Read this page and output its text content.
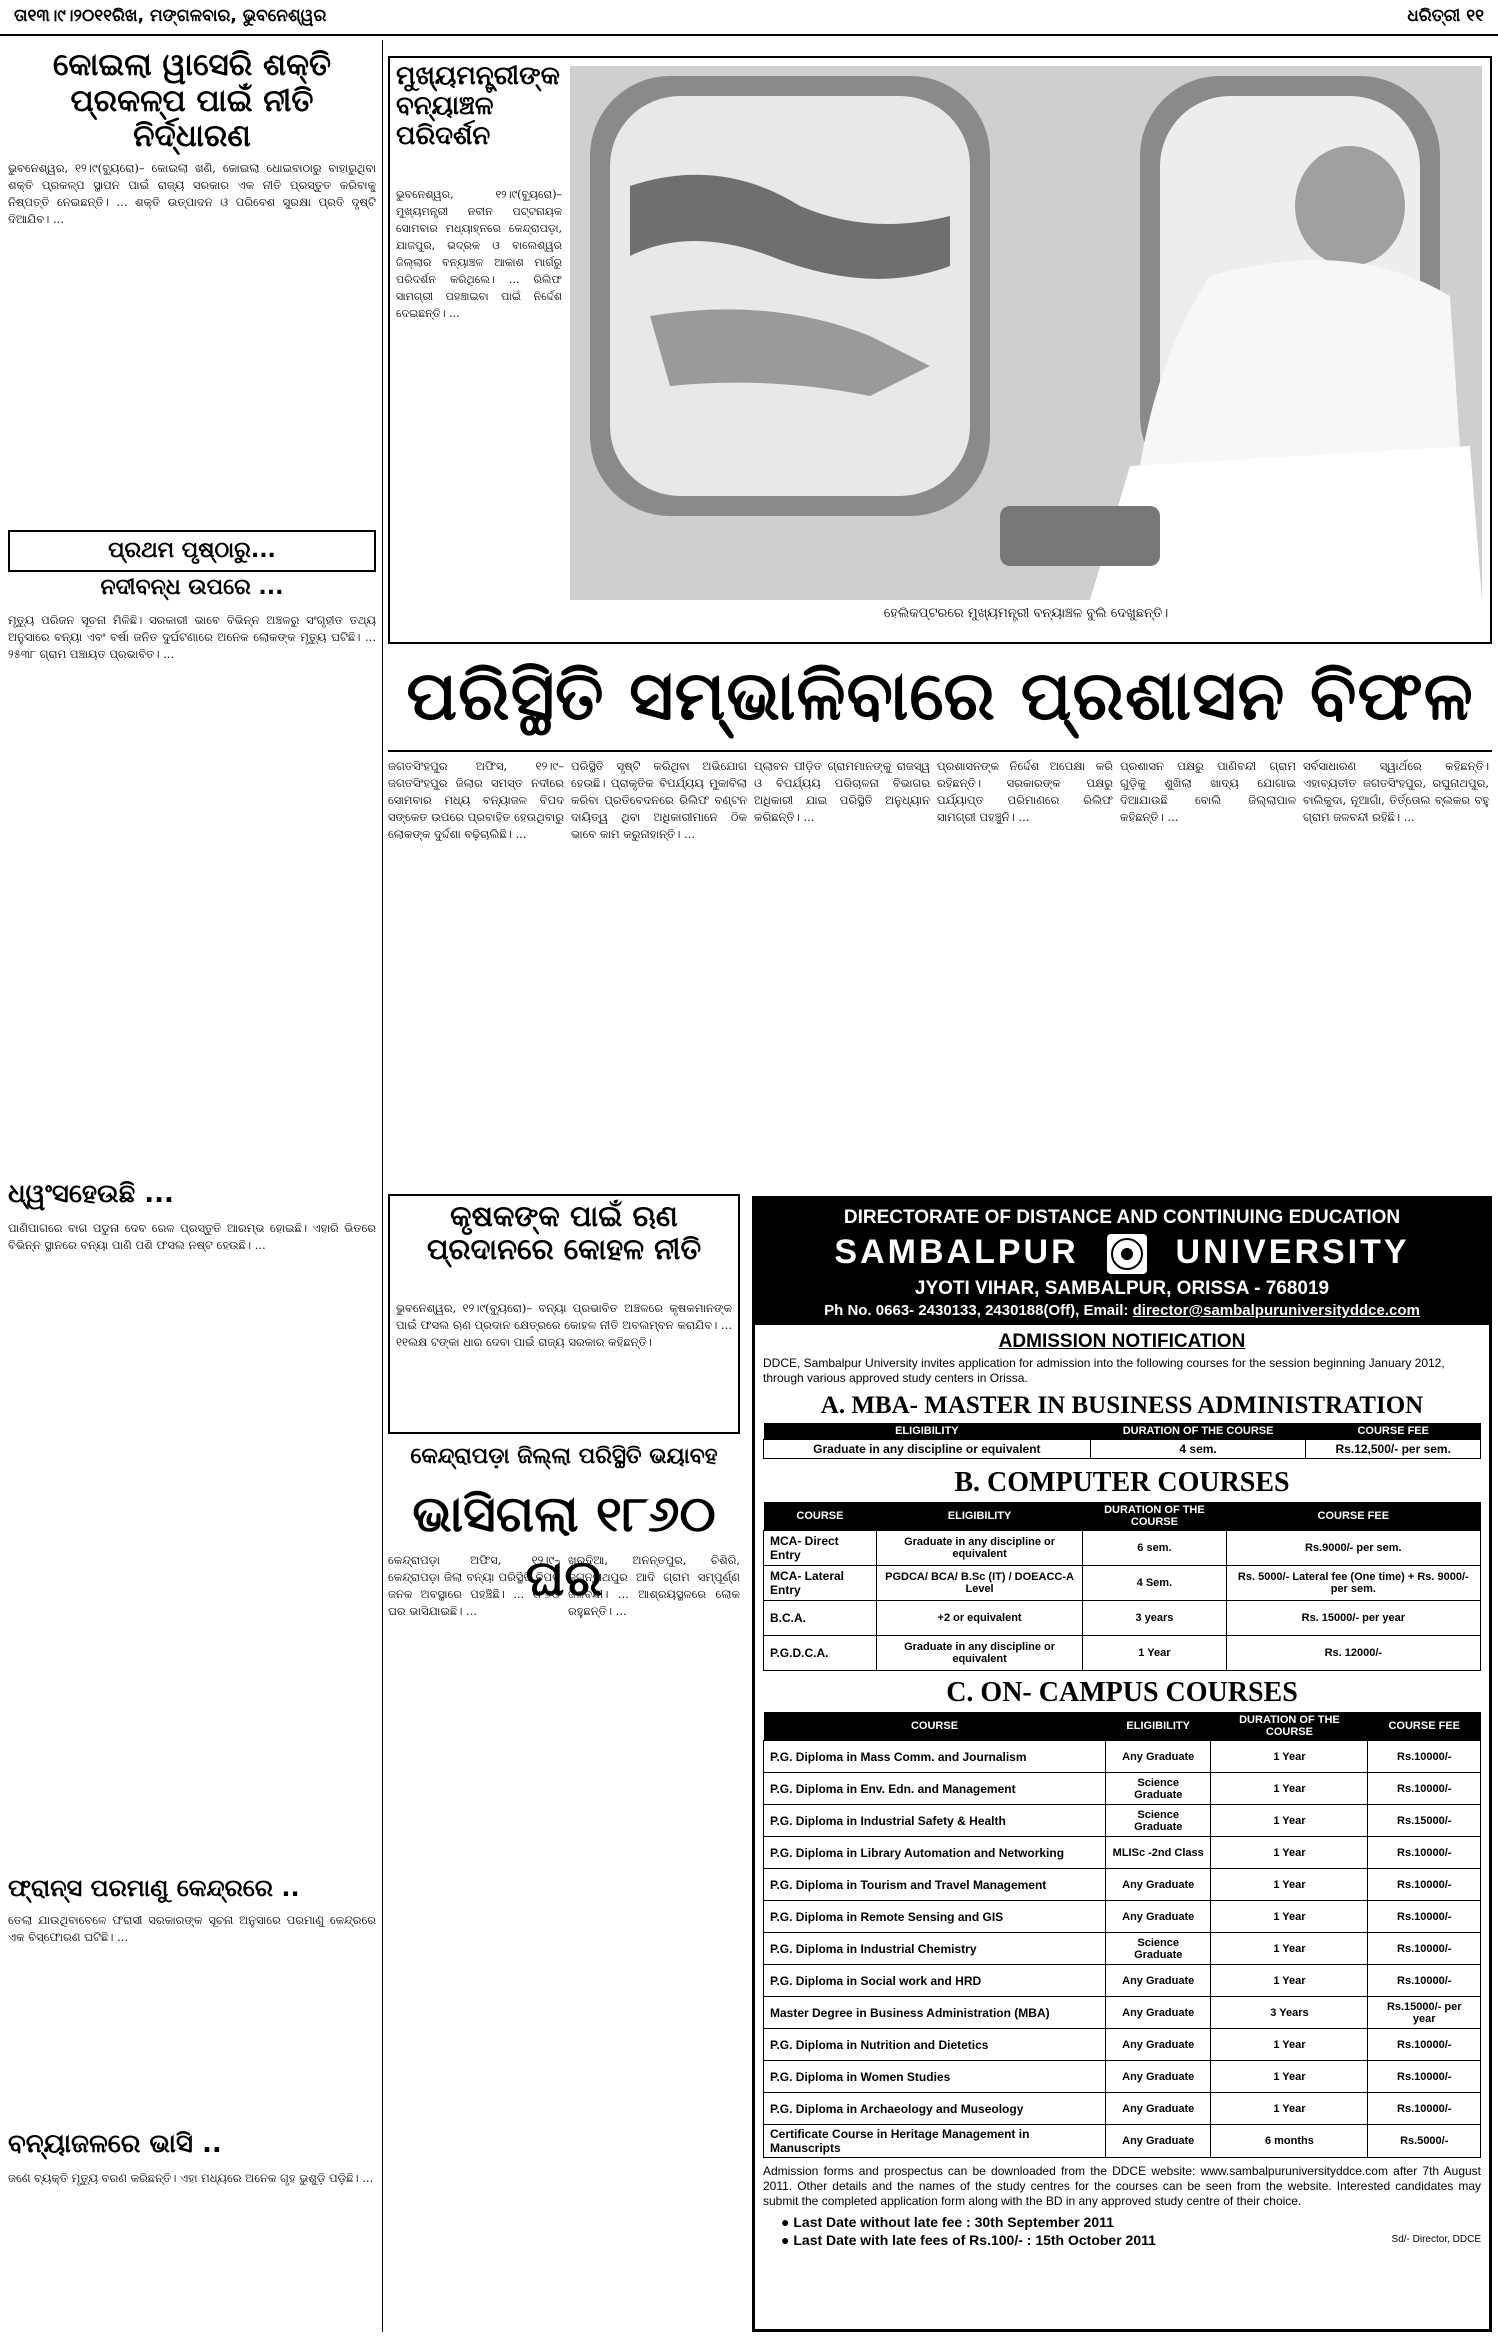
ତା୧୩।୯।୨୦୧୧ରିଖ, ମଙ୍ଗଳବାର, ଭୁବନେଶ୍ୱର	ଧରିତ୍ରୀ ୧୧
କୋଇଲା ୱାସେରି ଶକ୍ତି ପ୍ରକଳ୍ପ ପାଇଁ ନୀତି ନିର୍ଦ୍ଧାରଣ
ଭୁବନେଶ୍ୱର, ୧୨।୯(ବ୍ୟୁରୋ)– କୋଇଲା ଖଣି, କୋଇଲା ଧୋଇବାଠାରୁ ବାହାରୁଥିବା ଶକ୍ତି ପ୍ରକଳ୍ପ ସ୍ଥାପନ ପାଇଁ ରାଜ୍ୟ ସରକାର ଏକ ନୀତି ପ୍ରସ୍ତୁତ କରିବାକୁ ନିଷ୍ପତ୍ତି ନେଇଛନ୍ତି। ... ଶକ୍ତି ଉତ୍ପାଦନ ଓ ପରିବେଶ ସୁରକ୍ଷା ପ୍ରତି ଦୃଷ୍ଟି ଦିଆଯିବ। ...
ପ୍ରଥମ ପୃଷ୍ଠାରୁ...
ନଦୀବନ୍ଧ ଉପରେ ...
ମୃତ୍ୟୁ ପରିଜନ ସୂଚନା ମିଳିଛି। ସରକାରୀ ଭାବେ ବିଭିନ୍ନ ଅଞ୍ଚଳରୁ ସଂଗୃହୀତ ତଥ୍ୟ ଅନୁସାରେ ବନ୍ୟା ଏବଂ ବର୍ଷା ଜନିତ ଦୁର୍ଘଟଣାରେ ଅନେକ ଲୋକଙ୍କ ମୃତ୍ୟୁ ଘଟିଛି। ... ୨୫୩୮ ଗ୍ରାମ ପଞ୍ଚାୟତ ପ୍ରଭାବିତ। ...
ଧ୍ୱଂସହେଉଛି ...
ପାଣିପାଗରେ ବାଗ ପଡୁନା ଦେବ ରେଳ ପ୍ରସ୍ତୁତି ଆରମ୍ଭ ହୋଇଛି। ଏହାରି ଭିତରେ ବିଭିନ୍ନ ସ୍ଥାନରେ ବନ୍ୟା ପାଣି ପଶି ଫସଲ ନଷ୍ଟ ହେଉଛି। ...
ଫ୍ରାନ୍ସ ପରମାଣୁ କେନ୍ଦ୍ରରେ ..
ତେଲା ଯାଉଥିବାବେଳେ ଫରାସୀ ସରକାରଙ୍କ ସୂଚନା ଅନୁସାରେ ପରମାଣୁ କେନ୍ଦ୍ରରେ ଏକ ବିସ୍ଫୋରଣ ଘଟିଛି। ...
ବନ୍ୟାଜଳରେ ଭାସି ..
ଜଣେ ବ୍ୟକ୍ତି ମୃତ୍ୟୁ ବରଣ କରିଛନ୍ତି। ଏହା ମଧ୍ୟରେ ଅନେକ ଗୃହ ଭୁଶୁଡ଼ି ପଡ଼ିଛି। ...
ମୁଖ୍ୟମନ୍ତ୍ରୀଙ୍କ ବନ୍ୟାଞ୍ଚଳ ପରିଦର୍ଶନ
ଭୁବନେଶ୍ୱର, ୧୨।୯(ବ୍ୟୁରୋ)– ମୁଖ୍ୟମନ୍ତ୍ରୀ ନବୀନ ପଟ୍ଟନାୟକ ସୋମବାର ମଧ୍ୟାହ୍ନରେ କେନ୍ଦ୍ରାପଡ଼ା, ଯାଜପୁର, ଭଦ୍ରକ ଓ ବାଲେଶ୍ୱର ଜିଲ୍ଲାର ବନ୍ୟାଞ୍ଚଳ ଆକାଶ ମାର୍ଗରୁ ପରିଦର୍ଶନ କରିଥିଲେ। ... ରିଲିଫ ସାମଗ୍ରୀ ପହଞ୍ଚାଇବା ପାଇଁ ନିର୍ଦ୍ଦେଶ ଦେଇଛନ୍ତି। ...
ହେଲିକପ୍ଟରରେ ମୁଖ୍ୟମନ୍ତ୍ରୀ ବନ୍ୟାଞ୍ଚଳ ବୁଲି ଦେଖୁଛନ୍ତି।
ପରିସ୍ଥିତି ସମ୍ଭାଳିବାରେ ପ୍ରଶାସନ ବିଫଳ
ଜଗତସିଂହପୁର ଅଫିସ, ୧୨।୯– ଜଗତସିଂହପୁର ଜିଲାର ସମସ୍ତ ନଦୀରେ ସୋମବାର ମଧ୍ୟ ବନ୍ୟାଜଳ ବିପଦ ସଙ୍କେତ ଉପରେ ପ୍ରବାହିତ ହେଉଥିବାରୁ ଲୋକଙ୍କ ଦୁର୍ଦ୍ଦଶା ବଢ଼ିଚାଲିଛି। ...
ପରିସ୍ଥିତି ସୃଷ୍ଟି କରିଥିବା ଅଭିଯୋଗ ହେଉଛି। ପ୍ରାକୃତିକ ବିପର୍ଯ୍ୟୟ ମୁକାବିଲା କରିବା ପ୍ରତିବେଦନରେ ରିଲିଫ ବଣ୍ଟନ ଦାୟିତ୍ୱ ଥିବା ଅଧିକାରୀମାନେ ଠିକ ଭାବେ କାମ କରୁନାହାନ୍ତି। ...
ପ୍ଲାବନ ପୀଡ଼ିତ ଗ୍ରାମମାନଙ୍କୁ ରାଜସ୍ୱ ଓ ବିପର୍ଯ୍ୟୟ ପରିଚାଳନା ବିଭାଗର ଅଧିକାରୀ ଯାଇ ପରିସ୍ଥିତି ଅନୁଧ୍ୟାନ କରିଛନ୍ତି। ...
ପ୍ରଶାସନଙ୍କ ନିର୍ଦ୍ଦେଶ ଅପେକ୍ଷା କରି ରହିଛନ୍ତି। ସରକାରଙ୍କ ପକ୍ଷରୁ ପର୍ଯ୍ୟାପ୍ତ ପରିମାଣରେ ରିଲିଫ ସାମଗ୍ରୀ ପହଞ୍ଚୁନି। ...
ପ୍ରଶାସନ ପକ୍ଷରୁ ପାଣିବନ୍ଦୀ ଗ୍ରାମ ଗୁଡ଼ିକୁ ଶୁଖିଲା ଖାଦ୍ୟ ଯୋଗାଇ ଦିଆଯାଉଛି ବୋଲି ଜିଲ୍ଲାପାଳ କହିଛନ୍ତି। ...
ସର୍ବସାଧାରଣ ସ୍ୱାର୍ଥରେ କହିଛନ୍ତି। ଏହାବ୍ୟତୀତ ଜଗତସିଂହପୁର, ରଘୁନାଥପୁର, ବାଲିକୁଦା, ନୂଆଗାଁ, ତିର୍ତ୍ତୋଲ ବ୍ଲକର ବହୁ ଗ୍ରାମ ଜଳବନ୍ଦୀ ରହିଛି। ...
କୃଷକଙ୍କ ପାଇଁ ଋଣ ପ୍ରଦାନରେ କୋହଳ ନୀତି
ଭୁବନେଶ୍ୱର, ୧୨।୯(ବ୍ୟୁରୋ)– ବନ୍ୟା ପ୍ରଭାବିତ ଅଞ୍ଚଳରେ କୃଷକମାନଙ୍କ ପାଇଁ ଫସଲ ଋଣ ପ୍ରଦାନ କ୍ଷେତ୍ରରେ କୋହଳ ନୀତି ଅବଲମ୍ବନ କରାଯିବ। ... ୧୧ଲକ୍ଷ ଟଙ୍କା ଧାର ଦେବା ପାଇଁ ରାଜ୍ୟ ସରକାର କହିଛନ୍ତି।
କେନ୍ଦ୍ରାପଡ଼ା ଜିଲ୍ଲା ପରିସ୍ଥିତି ଭୟାବହ
ଭାସିଗଲା ୧୮୬୦ ଘର
କେନ୍ଦ୍ରାପଡ଼ା ଅଫିସ, ୧୨।୯– କେନ୍ଦ୍ରାପଡ଼ା ଜିଲା ବନ୍ୟା ପରିସ୍ଥିତି ବିପଦ ଜନକ ଅବସ୍ଥାରେ ପହଞ୍ଚିଛି। ... ୧୮୬୦ ଘର ଭାସିଯାଇଛି। ...
ଖୁରୁଦିଆ, ଅନନ୍ତପୁର, ଚିଶିରି, ଜଗନ୍ନାଥପୁର ଆଦି ଗ୍ରାମ ସମ୍ପୂର୍ଣ୍ଣ ଜଳବନ୍ଦୀ। ... ଆଶ୍ରୟସ୍ଥଳରେ ଲୋକ ରହୁଛନ୍ତି। ...
DIRECTORATE OF DISTANCE AND CONTINUING EDUCATION
SAMBALPUR	UNIVERSITY
JYOTI VIHAR, SAMBALPUR, ORISSA - 768019
Ph No. 0663- 2430133, 2430188(Off), Email: director@sambalpuruniversityddce.com
ADMISSION NOTIFICATION
DDCE, Sambalpur University invites application for admission into the following courses for the session beginning January 2012, through various approved study centers in Orissa.
A. MBA- MASTER IN BUSINESS ADMINISTRATION
ELIGIBILITY	DURATION OF THE COURSE	COURSE FEE
Graduate in any discipline or equivalent	4 sem.	Rs.12,500/- per sem.
B. COMPUTER COURSES
COURSE	ELIGIBILITY	DURATION OF THE COURSE	COURSE FEE
MCA- Direct Entry	Graduate in any discipline or equivalent	6 sem.	Rs.9000/- per sem.
MCA- Lateral Entry	PGDCA/ BCA/ B.Sc (IT) / DOEACC-A Level	4 Sem.	Rs. 5000/- Lateral fee (One time) + Rs. 9000/- per sem.
B.C.A.	+2 or equivalent	3 years	Rs. 15000/- per year
P.G.D.C.A.	Graduate in any discipline or equivalent	1 Year	Rs. 12000/-
C. ON- CAMPUS COURSES
COURSE	ELIGIBILITY	DURATION OF THE COURSE	COURSE FEE
P.G. Diploma in Mass Comm. and Journalism	Any Graduate	1 Year	Rs.10000/-
P.G. Diploma in Env. Edn. and Management	Science Graduate	1 Year	Rs.10000/-
P.G. Diploma in Industrial Safety & Health	Science Graduate	1 Year	Rs.15000/-
P.G. Diploma in Library Automation and Networking	MLISc -2nd Class	1 Year	Rs.10000/-
P.G. Diploma in Tourism and Travel Management	Any Graduate	1 Year	Rs.10000/-
P.G. Diploma in Remote Sensing and GIS	Any Graduate	1 Year	Rs.10000/-
P.G. Diploma in Industrial Chemistry	Science Graduate	1 Year	Rs.10000/-
P.G. Diploma in Social work and HRD	Any Graduate	1 Year	Rs.10000/-
Master Degree in Business Administration (MBA)	Any Graduate	3 Years	Rs.15000/- per year
P.G. Diploma in Nutrition and Dietetics	Any Graduate	1 Year	Rs.10000/-
P.G. Diploma in Women Studies	Any Graduate	1 Year	Rs.10000/-
P.G. Diploma in Archaeology and Museology	Any Graduate	1 Year	Rs.10000/-
Certificate Course in Heritage Management in Manuscripts	Any Graduate	6 months	Rs.5000/-
Admission forms and prospectus can be downloaded from the DDCE website: www.sambalpuruniversityddce.com after 7th August 2011. Other details and the names of the study centres for the courses can be seen from the website. Interested candidates may submit the completed application form along with the BD in any approved study centre of their choice.
● Last Date without late fee : 30th September 2011
● Last Date with late fees of Rs.100/- : 15th October 2011	Sd/- Director, DDCE
